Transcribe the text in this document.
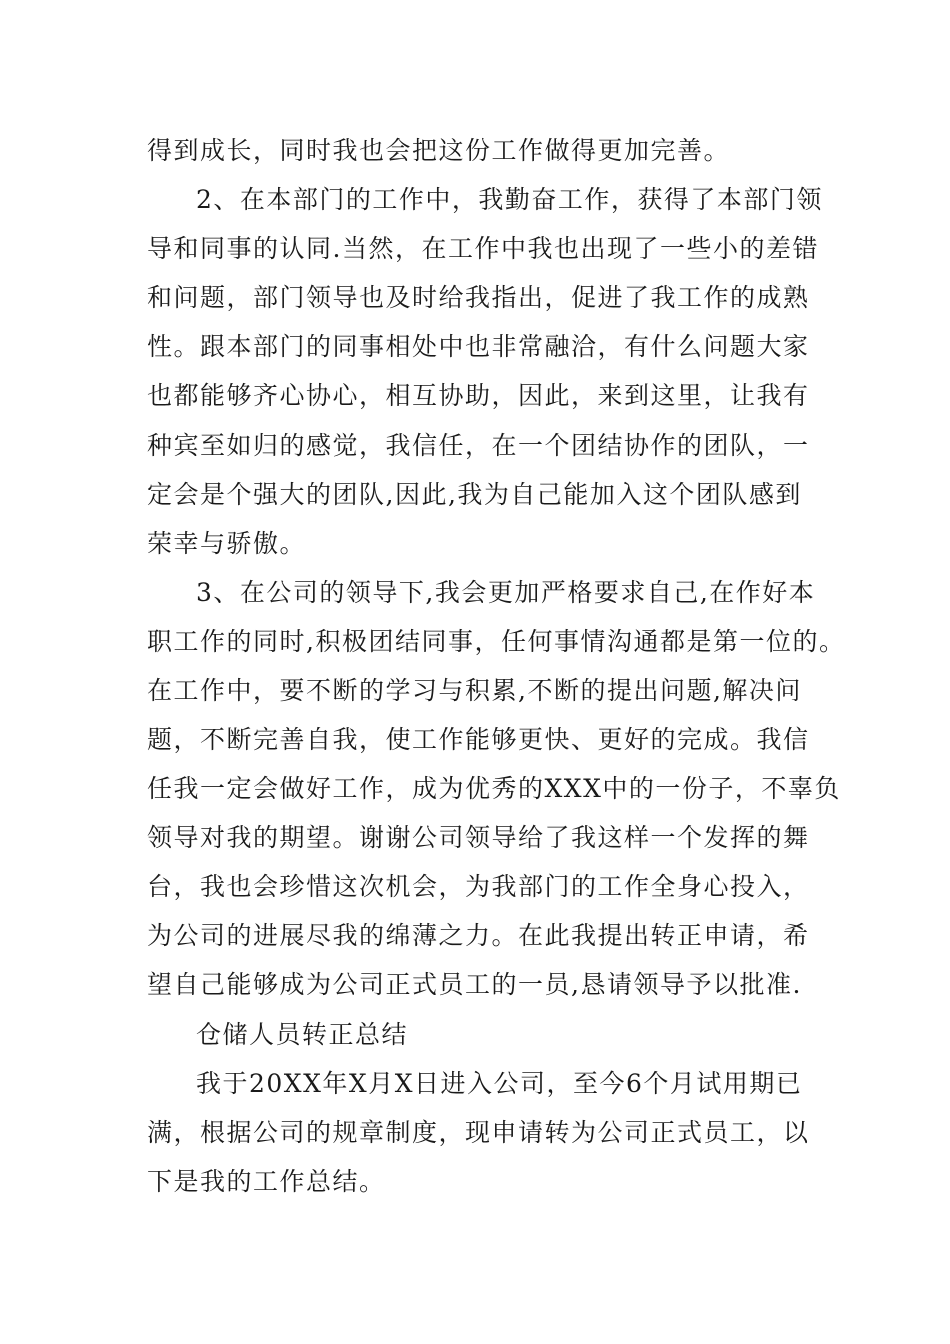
得到成长，同时我也会把这份工作做得更加完善。
2、在本部门的工作中，我勤奋工作，获得了本部门领
导和同事的认同.当然，在工作中我也出现了一些小的差错
和问题，部门领导也及时给我指出，促进了我工作的成熟
性。跟本部门的同事相处中也非常融洽，有什么问题大家
也都能够齐心协心，相互协助，因此，来到这里，让我有
种宾至如归的感觉，我信任，在一个团结协作的团队，一
定会是个强大的团队,因此,我为自己能加入这个团队感到
荣幸与骄傲。
3、在公司的领导下,我会更加严格要求自己,在作好本
职工作的同时,积极团结同事，任何事情沟通都是第一位的。
在工作中，要不断的学习与积累,不断的提出问题,解决问
题，不断完善自我，使工作能够更快、更好的完成。我信
任我一定会做好工作，成为优秀的XXX中的一份子，不辜负
领导对我的期望。谢谢公司领导给了我这样一个发挥的舞
台，我也会珍惜这次机会，为我部门的工作全身心投入，
为公司的进展尽我的绵薄之力。在此我提出转正申请，希
望自己能够成为公司正式员工的一员,恳请领导予以批准.
仓储人员转正总结
我于20XX年X月X日进入公司，至今6个月试用期已
满，根据公司的规章制度，现申请转为公司正式员工，以
下是我的工作总结。
